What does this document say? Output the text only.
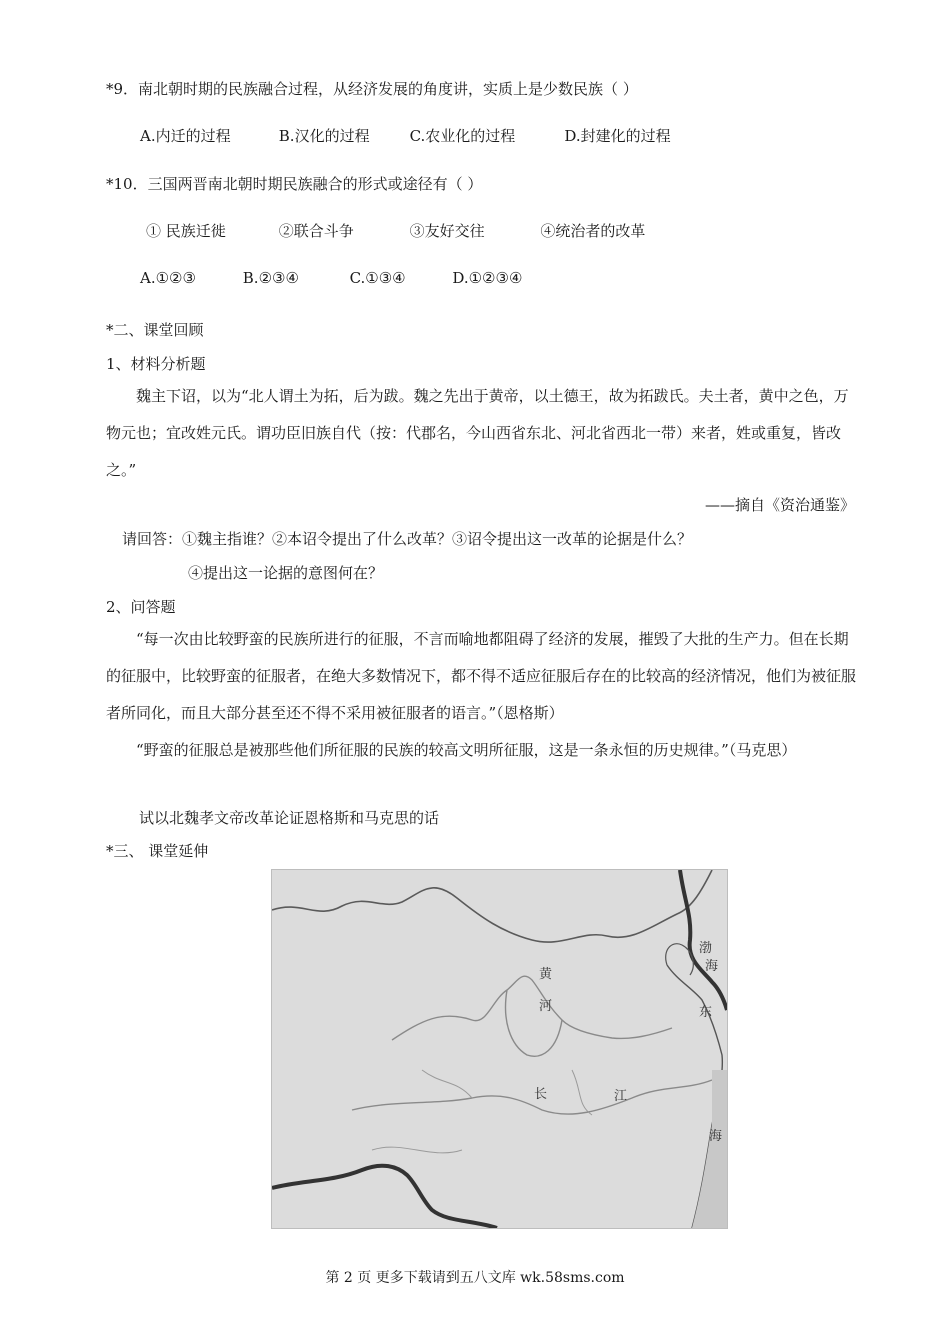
*9．南北朝时期的民族融合过程，从经济发展的角度讲，实质上是少数民族（ ）
A.内迁的过程	B.汉化的过程	C.农业化的过程	D.封建化的过程
*10．三国两晋南北朝时期民族融合的形式或途径有（ ）
① 民族迁徙	②联合斗争	③友好交往	④统治者的改革
A.①②③	B.②③④	C.①③④	D.①②③④
*二、课堂回顾
1、材料分析题
魏主下诏，以为“北人谓土为拓，后为跋。魏之先出于黄帝，以土德王，故为拓跋氏。夫土者，黄中之色，万物元也；宜改姓元氏。谓功臣旧族自代（按：代郡名，今山西省东北、河北省西北一带）来者，姓或重复，皆改之。”
——摘自《资治通鉴》
请回答：①魏主指谁？②本诏令提出了什么改革？③诏令提出这一改革的论据是什么？
④提出这一论据的意图何在？
2、问答题
“每一次由比较野蛮的民族所进行的征服，不言而喻地都阻碍了经济的发展，摧毁了大批的生产力。但在长期的征服中，比较野蛮的征服者，在绝大多数情况下，都不得不适应征服后存在的比较高的经济情况，他们为被征服者所同化，而且大部分甚至还不得不采用被征服者的语言。”（恩格斯）
“野蛮的征服总是被那些他们所征服的民族的较高文明所征服，这是一条永恒的历史规律。”（马克思）
试以北魏孝文帝改革论证恩格斯和马克思的话
*三、 课堂延伸
黄
河
长	江
渤
海
东
海
第 2 页 更多下载请到五八文库 wk.58sms.com
